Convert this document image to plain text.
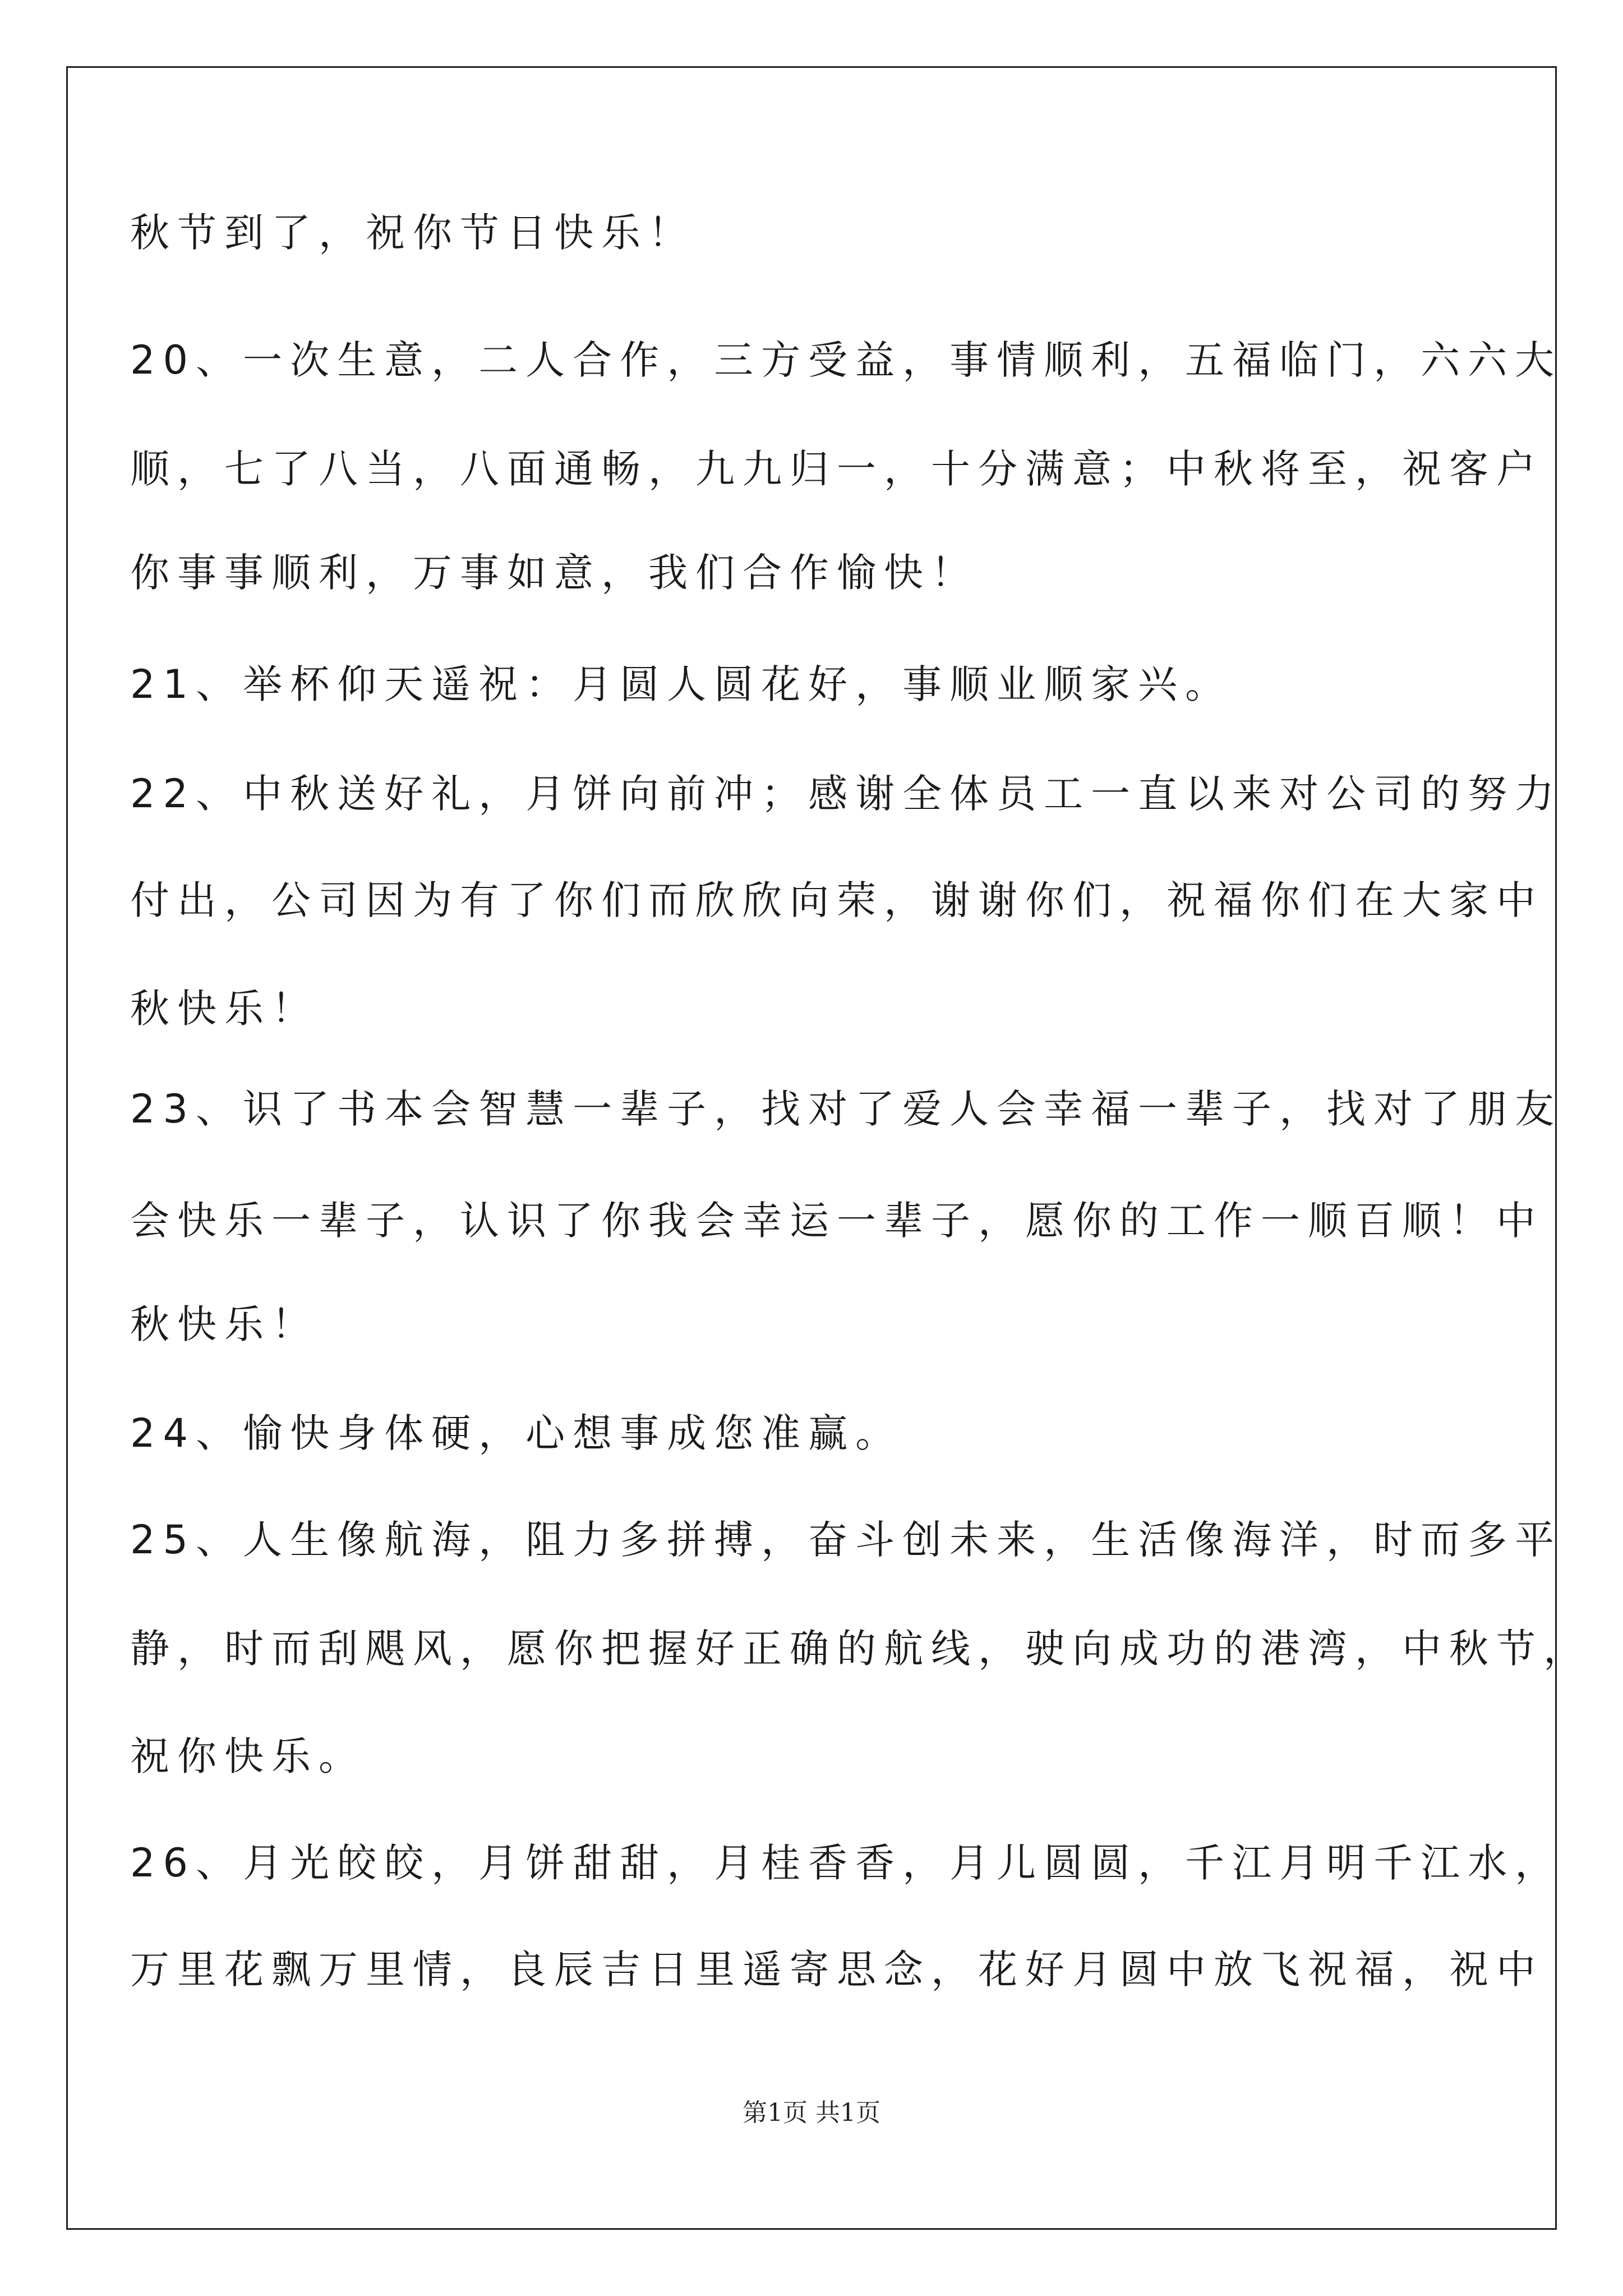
秋节到了，祝你节日快乐！
20、一次生意，二人合作，三方受益，事情顺利，五福临门，六六大
顺，七了八当，八面通畅，九九归一，十分满意；中秋将至，祝客户
你事事顺利，万事如意，我们合作愉快！
21、举杯仰天遥祝：月圆人圆花好，事顺业顺家兴。
22、中秋送好礼，月饼向前冲；感谢全体员工一直以来对公司的努力
付出，公司因为有了你们而欣欣向荣，谢谢你们，祝福你们在大家中
秋快乐！
23、识了书本会智慧一辈子，找对了爱人会幸福一辈子，找对了朋友
会快乐一辈子，认识了你我会幸运一辈子，愿你的工作一顺百顺！中
秋快乐！
24、愉快身体硬，心想事成您准赢。
25、人生像航海，阻力多拼搏，奋斗创未来，生活像海洋，时而多平
静，时而刮飓风，愿你把握好正确的航线，驶向成功的港湾，中秋节，
祝你快乐。
26、月光皎皎，月饼甜甜，月桂香香，月儿圆圆，千江月明千江水，
万里花飘万里情，良辰吉日里遥寄思念，花好月圆中放飞祝福，祝中
第1页 共1页
